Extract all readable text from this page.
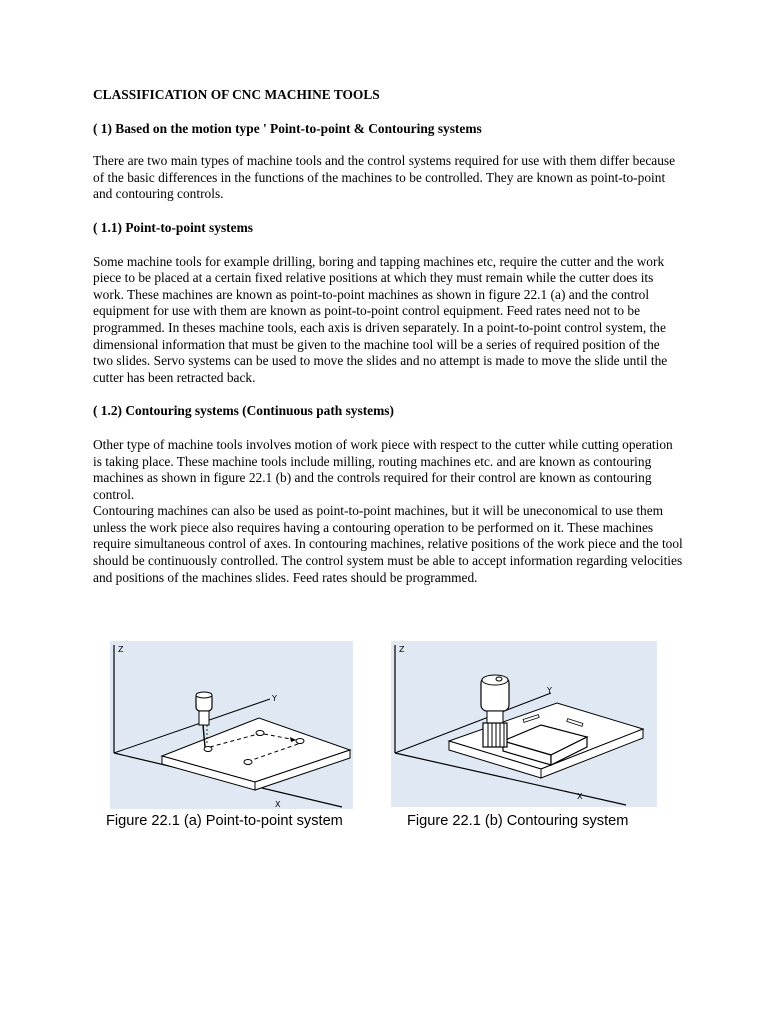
CLASSIFICATION OF CNC MACHINE TOOLS

( 1) Based on the motion type ' Point-to-point & Contouring systems

There are two main types of machine tools and the control systems required for use with them differ because of the basic differences in the functions of the machines to be controlled. They are known as point-to-point and contouring controls.

( 1.1) Point-to-point systems

Some machine tools for example drilling, boring and tapping machines etc, require the cutter and the work piece to be placed at a certain fixed relative positions at which they must remain while the cutter does its work. These machines are known as point-to-point machines as shown in figure 22.1 (a) and the control equipment for use with them are known as point-to-point control equipment. Feed rates need not to be programmed. In theses machine tools, each axis is driven separately. In a point-to-point control system, the dimensional information that must be given to the machine tool will be a series of required position of the two slides. Servo systems can be used to move the slides and no attempt is made to move the slide until the cutter has been retracted back.

( 1.2) Contouring systems (Continuous path systems)

Other type of machine tools involves motion of work piece with respect to the cutter while cutting operation is taking place. These machine tools include milling, routing machines etc. and are known as contouring machines as shown in figure 22.1 (b) and the controls required for their control are known as contouring control.

Contouring machines can also be used as point-to-point machines, but it will be uneconomical to use them unless the work piece also requires having a contouring operation to be performed on it. These machines require simultaneous control of axes. In contouring machines, relative positions of the work piece and the tool should be continuously controlled. The control system must be able to accept information regarding velocities and positions of the machines slides. Feed rates should be programmed.

Z
X
Y
Figure 22.1 (a) Point-to-point system
Z
X
Y
Figure 22.1 (b) Contouring system
